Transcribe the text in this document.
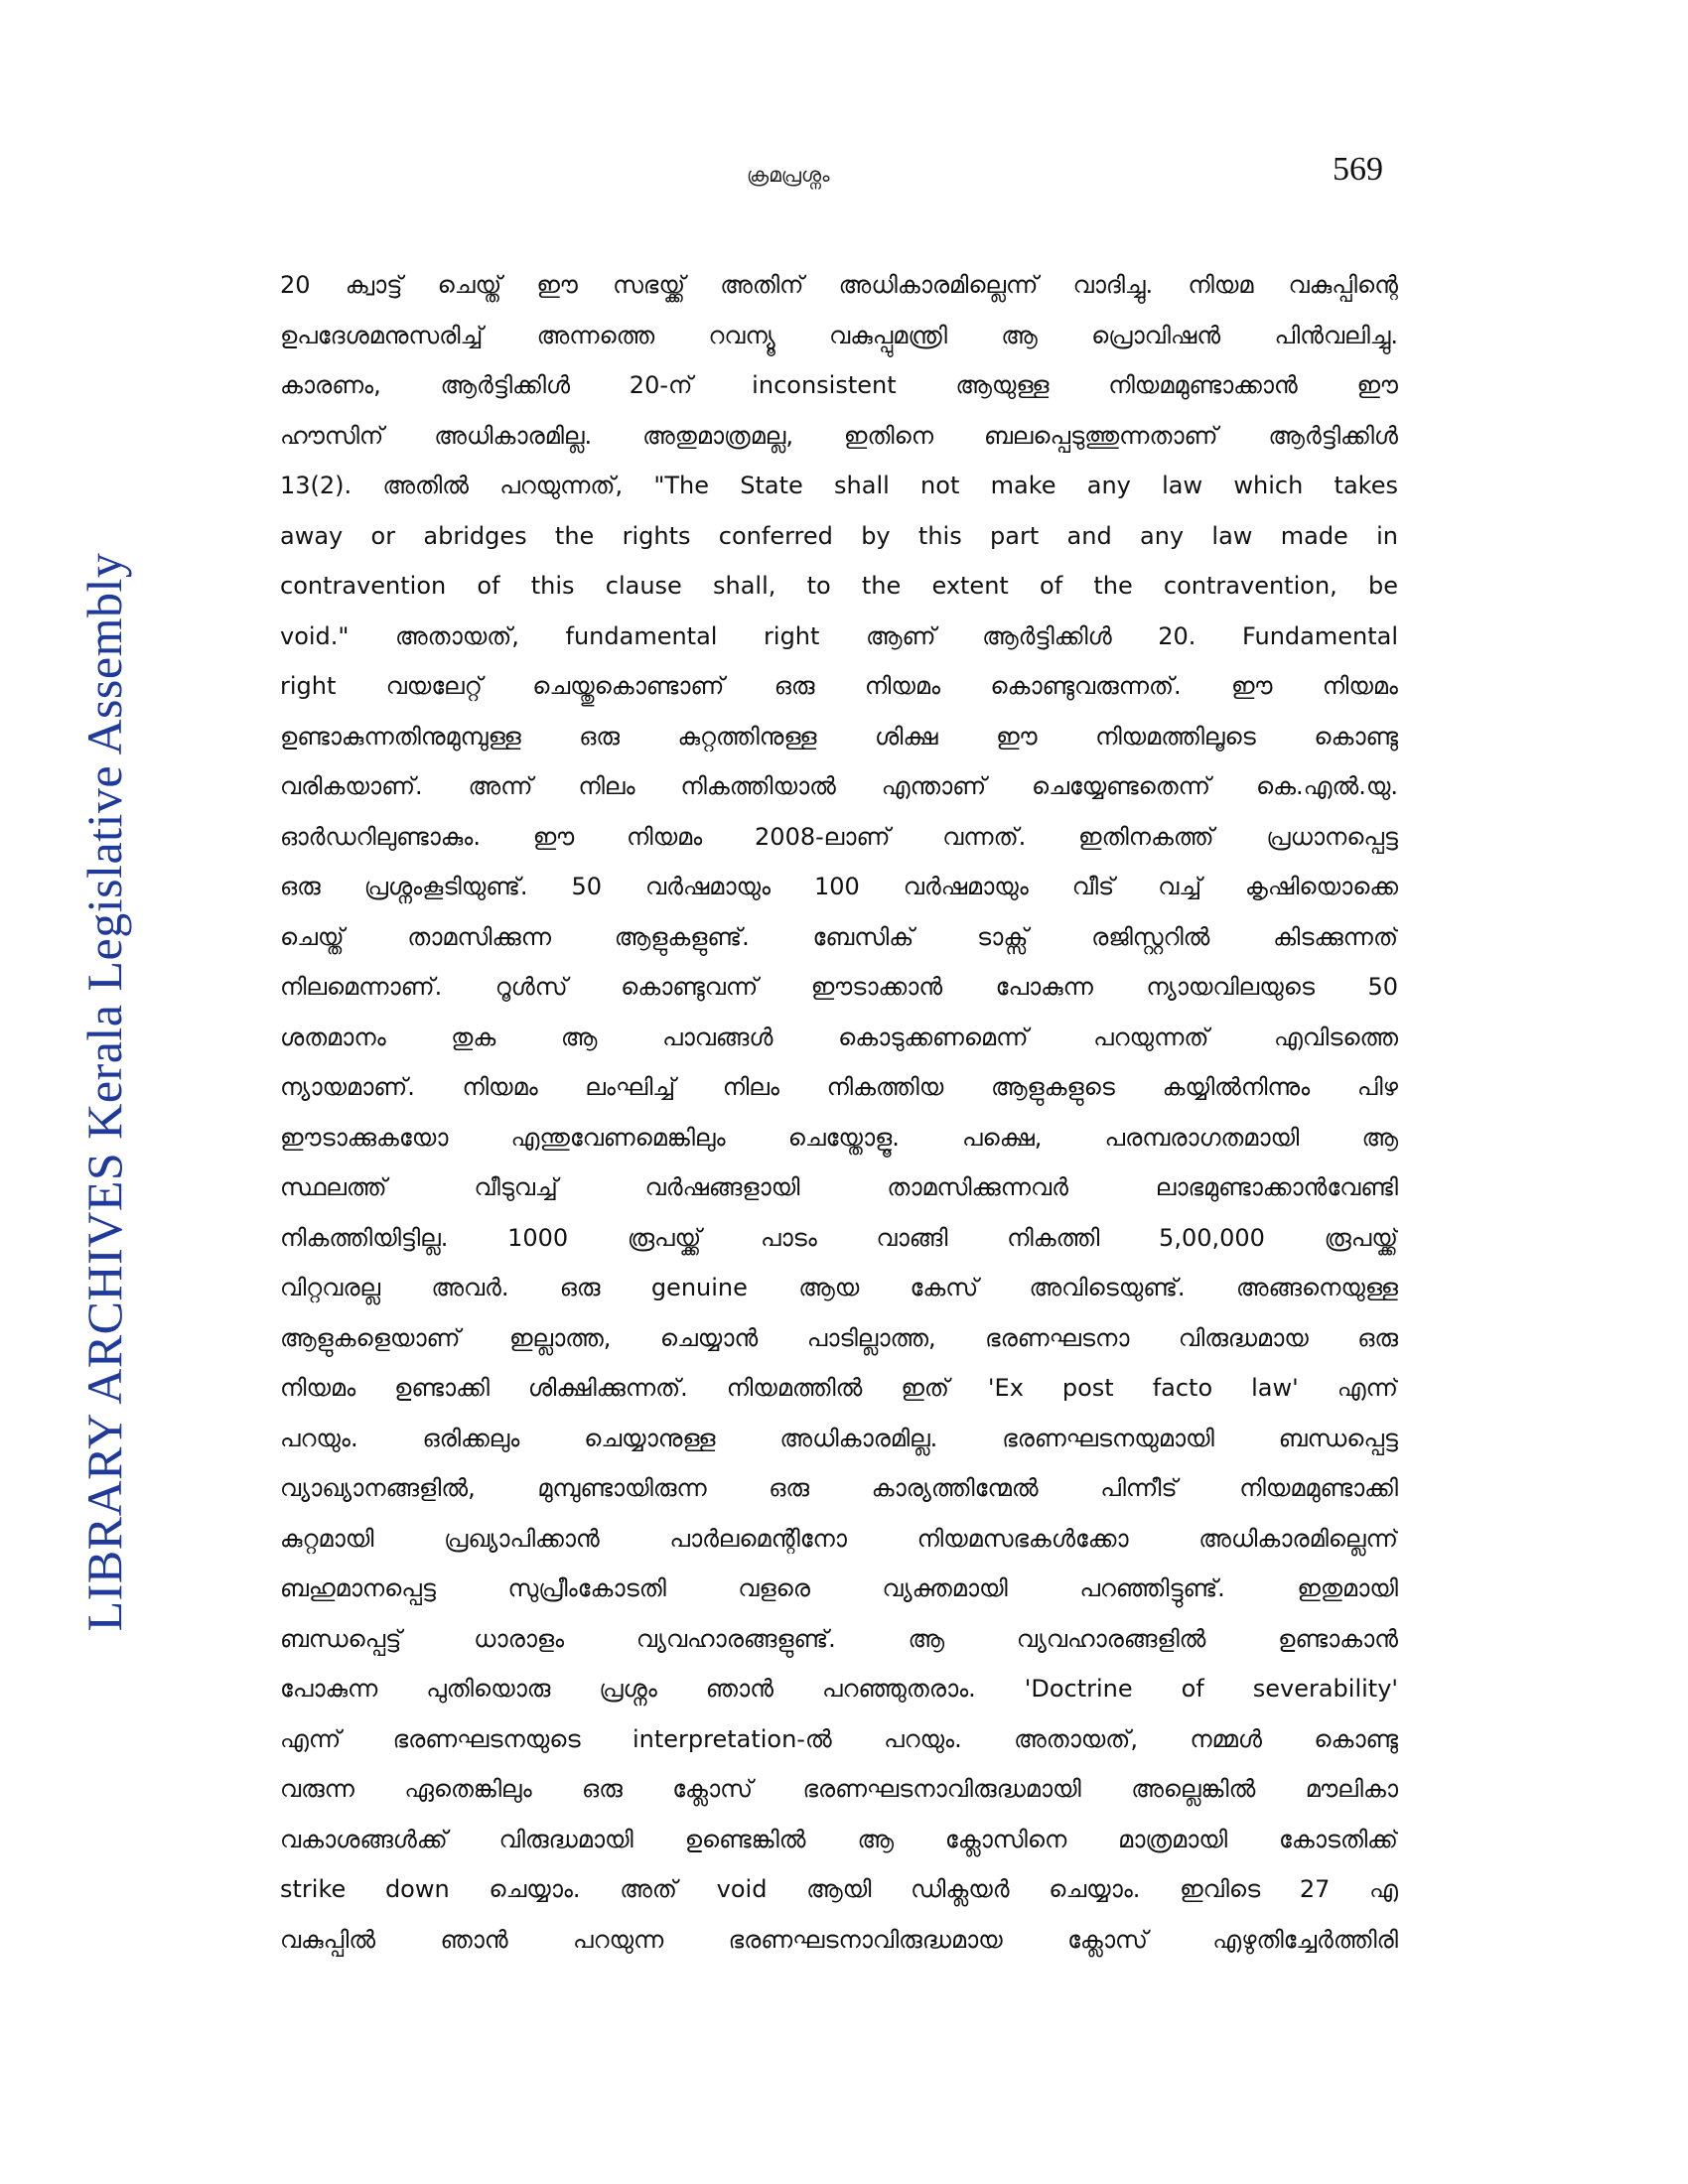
LIBRARY ARCHIVES Kerala Legislative Assembly
ക്രമപ്രശ്നം	569
20 ക്വാട്ട് ചെയ്ത് ഈ സഭയ്ക്ക് അതിന് അധികാരമില്ലെന്ന് വാദിച്ചു. നിയമ വകുപ്പിന്റെ
ഉപദേശമനുസരിച്ച് അന്നത്തെ റവന്യൂ വകുപ്പുമന്ത്രി ആ പ്രൊവിഷൻ പിൻവലിച്ചു.
കാരണം, ആർട്ടിക്കിൾ 20-ന് inconsistent ആയുള്ള നിയമമുണ്ടാക്കാൻ ഈ
ഹൗസിന് അധികാരമില്ല. അതുമാത്രമല്ല, ഇതിനെ ബലപ്പെടുത്തുന്നതാണ് ആർട്ടിക്കിൾ
13(2). അതിൽ പറയുന്നത്, "The State shall not make any law which takes
away or abridges the rights conferred by this part and any law made in
contravention of this clause shall, to the extent of the contravention, be
void." അതായത്, fundamental right ആണ് ആർട്ടിക്കിൾ 20. Fundamental
right വയലേറ്റ് ചെയ്തുകൊണ്ടാണ് ഒരു നിയമം കൊണ്ടുവരുന്നത്. ഈ നിയമം
ഉണ്ടാകുന്നതിനുമുമ്പുള്ള ഒരു കുറ്റത്തിനുള്ള ശിക്ഷ ഈ നിയമത്തിലൂടെ കൊണ്ടു
വരികയാണ്. അന്ന് നിലം നികത്തിയാൽ എന്താണ് ചെയ്യേണ്ടതെന്ന് കെ.എൽ.യു.
ഓർഡറിലുണ്ടാകും. ഈ നിയമം 2008-ലാണ് വന്നത്. ഇതിനകത്ത് പ്രധാനപ്പെട്ട
ഒരു പ്രശ്നംകൂടിയുണ്ട്. 50 വർഷമായും 100 വർഷമായും വീട് വച്ച് കൃഷിയൊക്കെ
ചെയ്ത് താമസിക്കുന്ന ആളുകളുണ്ട്. ബേസിക് ടാക്സ് രജിസ്റ്ററിൽ കിടക്കുന്നത്
നിലമെന്നാണ്. റൂൾസ് കൊണ്ടുവന്ന് ഈടാക്കാൻ പോകുന്ന ന്യായവിലയുടെ 50
ശതമാനം തുക ആ പാവങ്ങൾ കൊടുക്കണമെന്ന് പറയുന്നത് എവിടത്തെ
ന്യായമാണ്. നിയമം ലംഘിച്ച് നിലം നികത്തിയ ആളുകളുടെ കയ്യിൽനിന്നും പിഴ
ഈടാക്കുകയോ എന്തുവേണമെങ്കിലും ചെയ്തോളൂ. പക്ഷെ, പരമ്പരാഗതമായി ആ
സ്ഥലത്ത് വീടുവച്ച് വർഷങ്ങളായി താമസിക്കുന്നവർ ലാഭമുണ്ടാക്കാൻവേണ്ടി
നികത്തിയിട്ടില്ല. 1000 രൂപയ്ക്ക് പാടം വാങ്ങി നികത്തി 5,00,000 രൂപയ്ക്ക്
വിറ്റവരല്ല അവർ. ഒരു genuine ആയ കേസ് അവിടെയുണ്ട്. അങ്ങനെയുള്ള
ആളുകളെയാണ് ഇല്ലാത്ത, ചെയ്യാൻ പാടില്ലാത്ത, ഭരണഘടനാ വിരുദ്ധമായ ഒരു
നിയമം ഉണ്ടാക്കി ശിക്ഷിക്കുന്നത്. നിയമത്തിൽ ഇത് 'Ex post facto law' എന്ന്
പറയും. ഒരിക്കലും ചെയ്യാനുള്ള അധികാരമില്ല. ഭരണഘടനയുമായി ബന്ധപ്പെട്ട
വ്യാഖ്യാനങ്ങളിൽ, മുമ്പുണ്ടായിരുന്ന ഒരു കാര്യത്തിന്മേൽ പിന്നീട് നിയമമുണ്ടാക്കി
കുറ്റമായി പ്രഖ്യാപിക്കാൻ പാർലമെന്റിനോ നിയമസഭകൾക്കോ അധികാരമില്ലെന്ന്
ബഹുമാനപ്പെട്ട സുപ്രീംകോടതി വളരെ വ്യക്തമായി പറഞ്ഞിട്ടുണ്ട്. ഇതുമായി
ബന്ധപ്പെട്ട് ധാരാളം വ്യവഹാരങ്ങളുണ്ട്. ആ വ്യവഹാരങ്ങളിൽ ഉണ്ടാകാൻ
പോകുന്ന പുതിയൊരു പ്രശ്നം ഞാൻ പറഞ്ഞുതരാം. 'Doctrine of severability'
എന്ന് ഭരണഘടനയുടെ interpretation-ൽ പറയും. അതായത്, നമ്മൾ കൊണ്ടു
വരുന്ന ഏതെങ്കിലും ഒരു ക്ലോസ് ഭരണഘടനാവിരുദ്ധമായി അല്ലെങ്കിൽ മൗലികാ
വകാശങ്ങൾക്ക് വിരുദ്ധമായി ഉണ്ടെങ്കിൽ ആ ക്ലോസിനെ മാത്രമായി കോടതിക്ക്
strike down ചെയ്യാം. അത് void ആയി ഡിക്ലയർ ചെയ്യാം. ഇവിടെ 27 എ
വകുപ്പിൽ ഞാൻ പറയുന്ന ഭരണഘടനാവിരുദ്ധമായ ക്ലോസ് എഴുതിച്ചേർത്തിരി
